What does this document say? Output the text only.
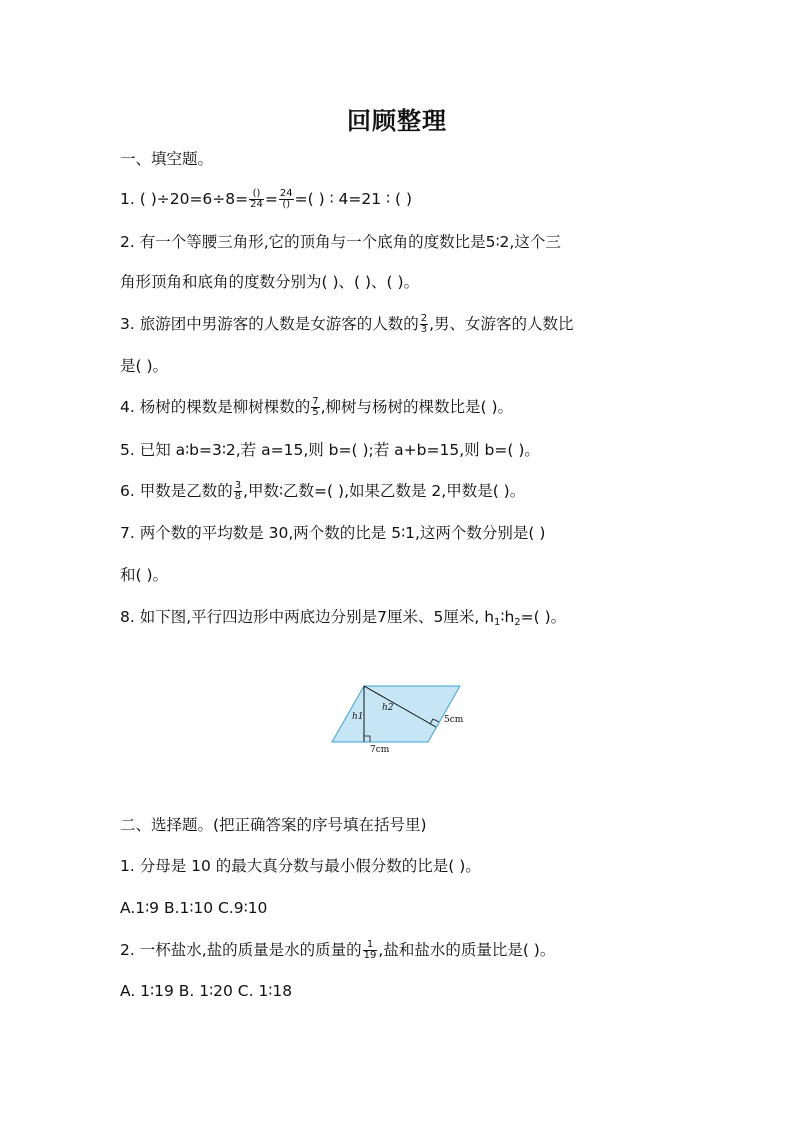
回顾整理
一、填空题。
1. ( )$\div 20=6\div 8= \frac{()}{24} = \frac{24}{()}$ =( ) ∶ 4=21 ∶ ( )
2. 有一个等腰三角形,它的顶角与一个底角的度数比是5∶2,这个三
角形顶角和底角的度数分别为( )、( )、( )。
3. 旅游团中男游客的人数是女游客的人数的 $\frac{2}{3}$ ,男、女游客的人数比
是( )。
4. 杨树的棵数是柳树棵数的 $\frac{7}{5}$ ,柳树与杨树的棵数比是( )。
5. 已知 a∶b=3∶2,若 a=15,则 b=( );若 a+b=15,则 b=( )。
6. 甲数是乙数的 $\frac{3}{8}$ ,甲数∶乙数=( ),如果乙数是 2,甲数是( )。
7. 两个数的平均数是 30,两个数的比是 5∶1,这两个数分别是( )
和( )。
8. 如下图,平行四边形中两底边分别是7厘米、5厘米, $h_1∶h_2=$( )。
h1
h2
7cm
5cm
二、选择题。(把正确答案的序号填在括号里)
1. 分母是 10 的最大真分数与最小假分数的比是( )。
A.1∶9 B.1∶10 C.9∶10
2. 一杯盐水,盐的质量是水的质量的 $\frac{1}{19}$ ,盐和盐水的质量比是( )。
A. 1∶19 B. 1∶20 C. 1∶18
